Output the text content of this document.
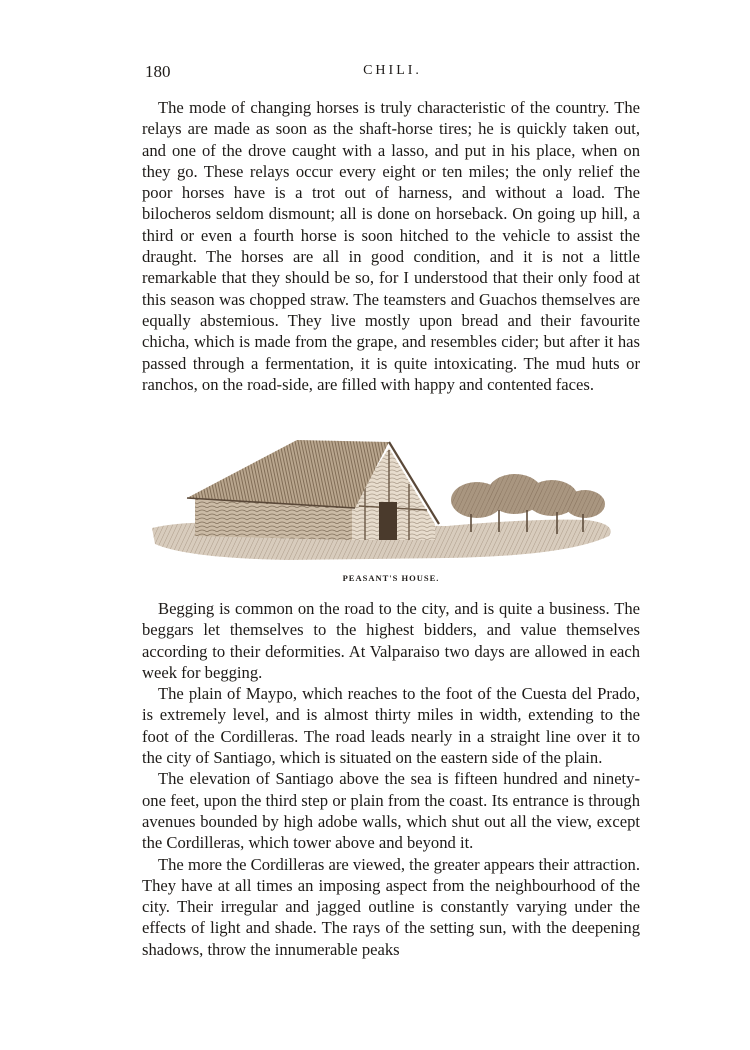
180	CHILI.

The mode of changing horses is truly characteristic of the country. The relays are made as soon as the shaft-horse tires; he is quickly taken out, and one of the drove caught with a lasso, and put in his place, when on they go. These relays occur every eight or ten miles; the only relief the poor horses have is a trot out of harness, and without a load. The bilocheros seldom dismount; all is done on horseback. On going up hill, a third or even a fourth horse is soon hitched to the vehicle to assist the draught. The horses are all in good condition, and it is not a little remarkable that they should be so, for I understood that their only food at this season was chopped straw. The teamsters and Guachos themselves are equally abstemious. They live mostly upon bread and their favourite chicha, which is made from the grape, and resembles cider; but after it has passed through a fermentation, it is quite intoxicating. The mud huts or ranchos, on the road-side, are filled with happy and contented faces.

PEASANT'S HOUSE.

Begging is common on the road to the city, and is quite a business. The beggars let themselves to the highest bidders, and value themselves according to their deformities. At Valparaiso two days are allowed in each week for begging.

The plain of Maypo, which reaches to the foot of the Cuesta del Prado, is extremely level, and is almost thirty miles in width, extending to the foot of the Cordilleras. The road leads nearly in a straight line over it to the city of Santiago, which is situated on the eastern side of the plain.

The elevation of Santiago above the sea is fifteen hundred and ninety-one feet, upon the third step or plain from the coast. Its entrance is through avenues bounded by high adobe walls, which shut out all the view, except the Cordilleras, which tower above and beyond it.

The more the Cordilleras are viewed, the greater appears their attraction. They have at all times an imposing aspect from the neighbourhood of the city. Their irregular and jagged outline is constantly varying under the effects of light and shade. The rays of the setting sun, with the deepening shadows, throw the innumerable peaks
